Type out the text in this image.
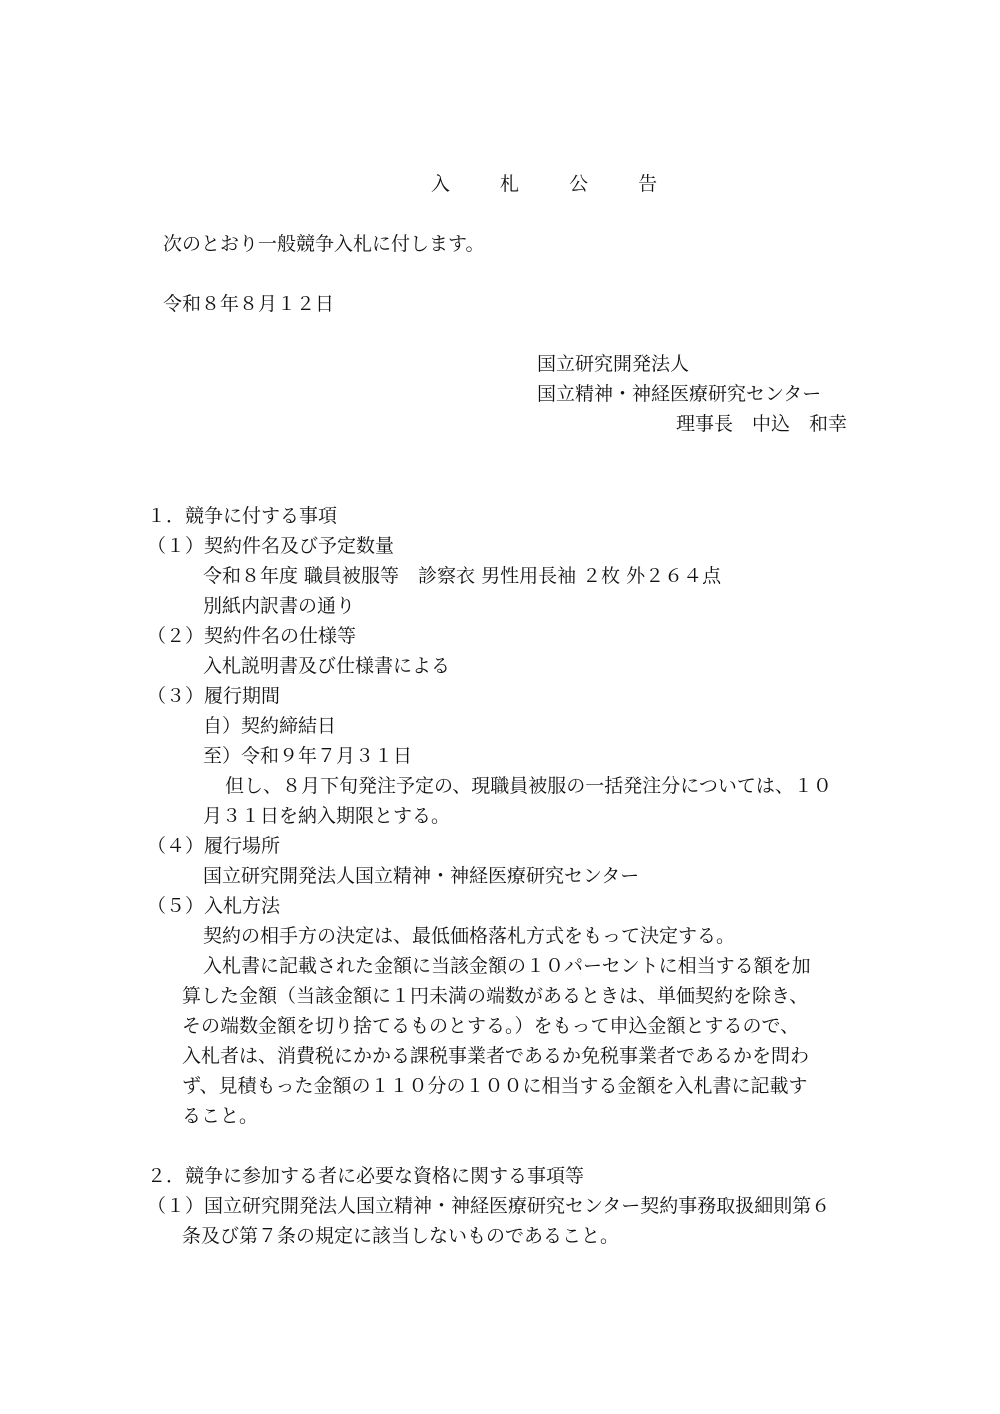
入 札 公 告
次のとおり一般競争入札に付します。
令和８年８月１２日
国立研究開発法人
国立精神・神経医療研究センター
理事長　中込　和幸
１．競争に付する事項
（１）契約件名及び予定数量
令和８年度 職員被服等　診察衣 男性用長袖 ２枚 外２６４点
別紙内訳書の通り
（２）契約件名の仕様等
入札説明書及び仕様書による
（３）履行期間
自）契約締結日
至）令和９年７月３１日
但し、８月下旬発注予定の、現職員被服の一括発注分については、１０
月３１日を納入期限とする。
（４）履行場所
国立研究開発法人国立精神・神経医療研究センター
（５）入札方法
契約の相手方の決定は、最低価格落札方式をもって決定する。
入札書に記載された金額に当該金額の１０パーセントに相当する額を加
算した金額（当該金額に１円未満の端数があるときは、単価契約を除き、
その端数金額を切り捨てるものとする。）をもって申込金額とするので、
入札者は、消費税にかかる課税事業者であるか免税事業者であるかを問わ
ず、見積もった金額の１１０分の１００に相当する金額を入札書に記載す
ること。
２．競争に参加する者に必要な資格に関する事項等
（１）国立研究開発法人国立精神・神経医療研究センター契約事務取扱細則第６
条及び第７条の規定に該当しないものであること。
